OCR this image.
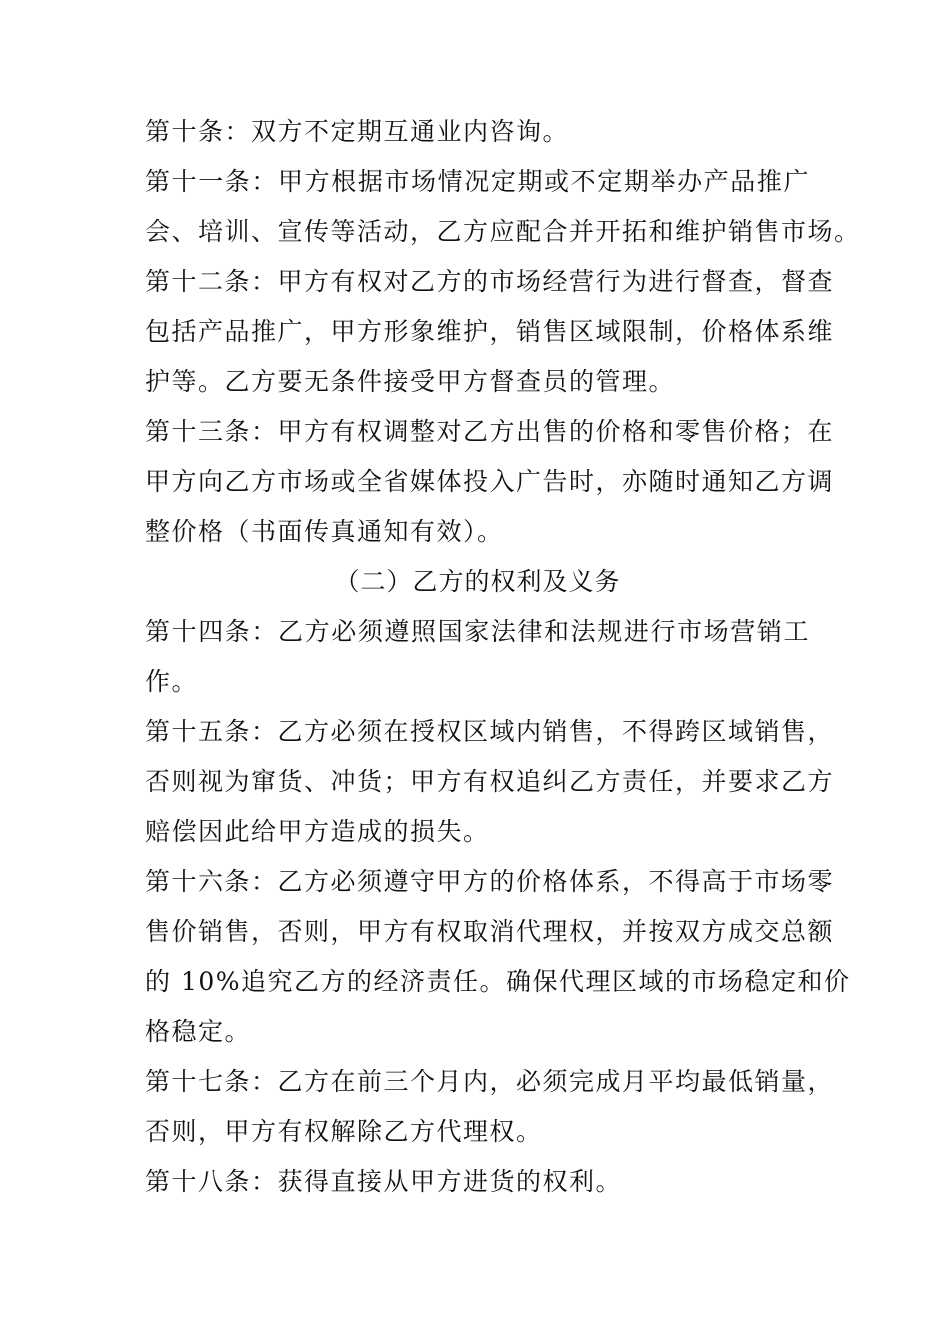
第十条：双方不定期互通业内咨询。
第十一条：甲方根据市场情况定期或不定期举办产品推广
会、培训、宣传等活动，乙方应配合并开拓和维护销售市场。
第十二条：甲方有权对乙方的市场经营行为进行督查，督查
包括产品推广，甲方形象维护，销售区域限制，价格体系维
护等。乙方要无条件接受甲方督查员的管理。
第十三条：甲方有权调整对乙方出售的价格和零售价格；在
甲方向乙方市场或全省媒体投入广告时，亦随时通知乙方调
整价格（书面传真通知有效）。
（二）乙方的权利及义务
第十四条：乙方必须遵照国家法律和法规进行市场营销工
作。
第十五条：乙方必须在授权区域内销售，不得跨区域销售，
否则视为窜货、冲货；甲方有权追纠乙方责任，并要求乙方
赔偿因此给甲方造成的损失。
第十六条：乙方必须遵守甲方的价格体系，不得高于市场零
售价销售，否则，甲方有权取消代理权，并按双方成交总额
的 10%追究乙方的经济责任。确保代理区域的市场稳定和价
格稳定。
第十七条：乙方在前三个月内，必须完成月平均最低销量，
否则，甲方有权解除乙方代理权。
第十八条：获得直接从甲方进货的权利。
